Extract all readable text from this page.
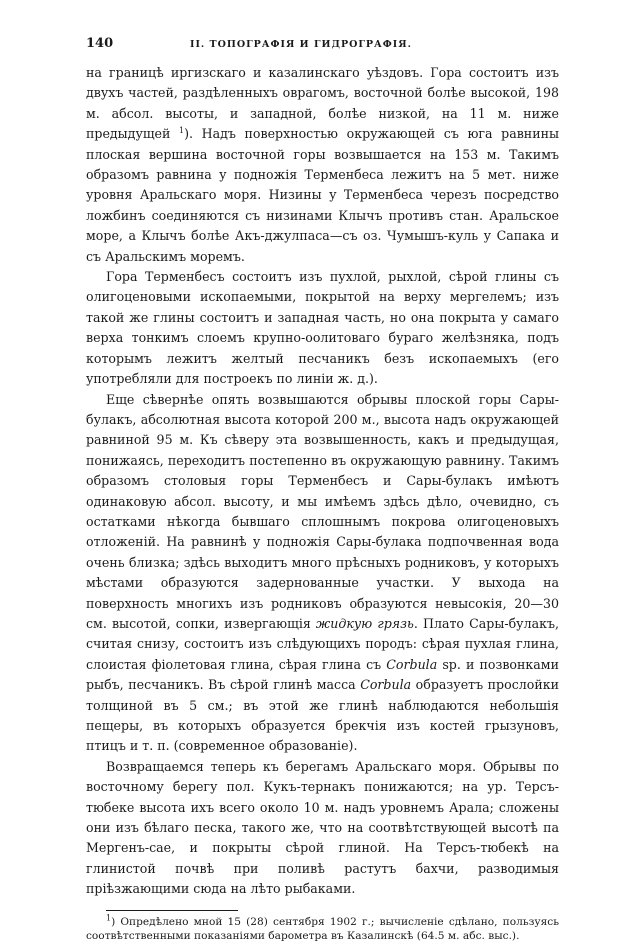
140	II. ТОПОГРАФІЯ И ГИДРОГРАФІЯ.

на границѣ иргизскаго и казалинскаго уѣздовъ. Гора состоитъ изъ двухъ частей, раздѣленныхъ оврагомъ, восточной болѣе высокой, 198 м. абсол. высоты, и западной, болѣе низкой, на 11 м. ниже предыдущей $^1$). Надъ поверхностью окружающей съ юга равнины плоская вершина восточной горы возвышается на 153 м. Такимъ образомъ равнина у подножія Терменбеса лежитъ на 5 мет. ниже уровня Аральскаго моря. Низины у Терменбеса черезъ посредство ложбинъ соединяются съ низинами Клычъ противъ стан. Аральское море, а Клычъ болѣе Акъ-джулпаса—съ оз. Чумышъ-куль у Сапака и съ Аральскимъ моремъ.

Гора Терменбесъ состоитъ изъ пухлой, рыхлой, сѣрой глины съ олигоценовыми ископаемыми, покрытой на верху мергелемъ; изъ такой же глины состоитъ и западная часть, но она покрыта у самаго верха тонкимъ слоемъ крупно-оолитоваго бураго желѣзняка, подъ которымъ лежитъ желтый песчаникъ безъ ископаемыхъ (его употребляли для построекъ по линіи ж. д.).

Еще сѣвернѣе опять возвышаются обрывы плоской горы Сары-булакъ, абсолютная высота которой 200 м., высота надъ окружающей равниной 95 м. Къ сѣверу эта возвышенность, какъ и предыдущая, понижаясь, переходитъ постепенно въ окружающую равнину. Такимъ образомъ столовыя горы Терменбесъ и Сары-булакъ имѣютъ одинаковую абсол. высоту, и мы имѣемъ здѣсь дѣло, очевидно, съ остатками нѣкогда бывшаго сплошнымъ покрова олигоценовыхъ отложеній. На равнинѣ у подножія Сары-булака подпочвенная вода очень близка; здѣсь выходитъ много прѣсныхъ родниковъ, у которыхъ мѣстами образуются задернованные участки. У выхода на поверхность многихъ изъ родниковъ образуются невысокія, 20—30 см. высотой, сопки, извергающія жидкую грязь. Плато Сары-булакъ, считая снизу, состоитъ изъ слѣдующихъ породъ: сѣрая пухлая глина, слоистая фіолетовая глина, сѣрая глина съ Corbula sp. и позвонками рыбъ, песчаникъ. Въ сѣрой глинѣ масса Corbula образуетъ прослойки толщиной въ 5 см.; въ этой же глинѣ наблюдаются небольшія пещеры, въ которыхъ образуется брекчія изъ костей грызуновъ, птицъ и т. п. (современное образованіе).

Возвращаемся теперь къ берегамъ Аральскаго моря. Обрывы по восточному берегу пол. Кукъ-тернакъ понижаются; на ур. Терсъ-тюбеке высота ихъ всего около 10 м. надъ уровнемъ Арала; сложены они изъ бѣлаго песка, такого же, что на соотвѣтствующей высотѣ па Мергенъ-сае, и покрыты сѣрой глиной. На Терсъ-тюбекѣ на глинистой почвѣ при поливѣ растутъ бахчи, разводимыя пріѣзжающими сюда на лѣто рыбаками.

$^1$) Опредѣлено мной 15 (28) сентября 1902 г.; вычисленіе сдѣлано, пользуясь соотвѣтственными показаніями барометра въ Казалинскѣ (64.5 м. абс. выс.).
